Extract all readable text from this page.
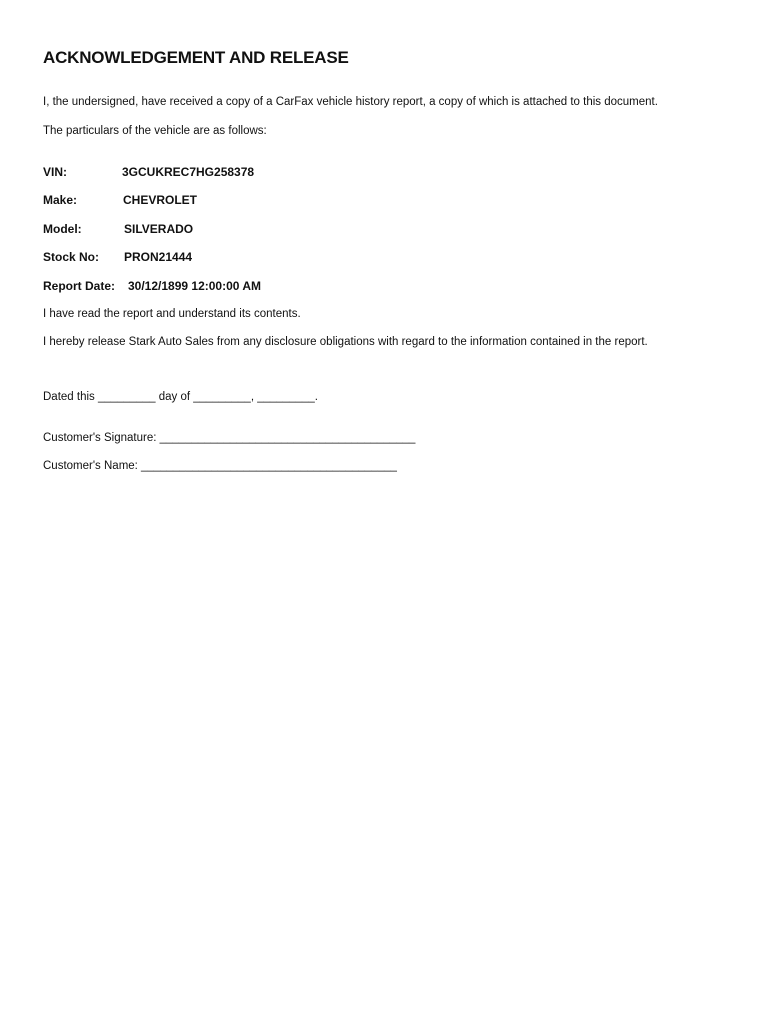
ACKNOWLEDGEMENT AND RELEASE
I, the undersigned, have received a copy of a CarFax vehicle history report, a copy of which is attached to this document.
The particulars of the vehicle are as follows:
VIN:	3GCUKREC7HG258378
Make:	CHEVROLET
Model:	SILVERADO
Stock No: PRON21444
Report Date: 30/12/1899 12:00:00 AM
I have read the report and understand its contents.
I hereby release Stark Auto Sales from any disclosure obligations with regard to the information contained in the report.
Dated this _________ day of _________, _________.
Customer's Signature: ________________________________________
Customer's Name: ________________________________________
